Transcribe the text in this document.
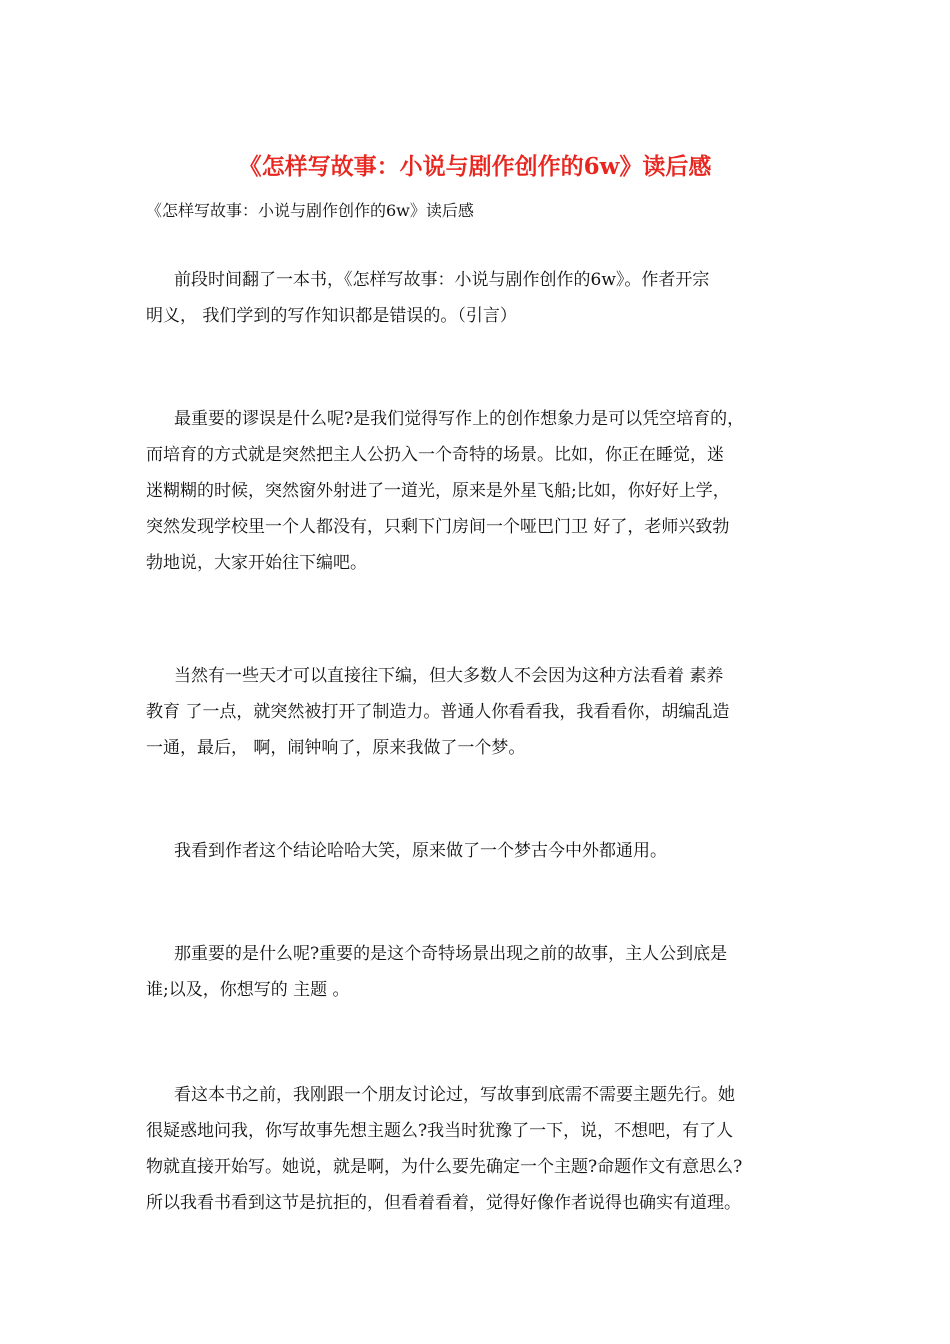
《怎样写故事：小说与剧作创作的6w》读后感
《怎样写故事：小说与剧作创作的6w》读后感
前段时间翻了一本书，《怎样写故事：小说与剧作创作的6w》。作者开宗
明义， 我们学到的写作知识都是错误的。（引言）
最重要的谬误是什么呢?是我们觉得写作上的创作想象力是可以凭空培育的，
而培育的方式就是突然把主人公扔入一个奇特的场景。比如，你正在睡觉，迷
迷糊糊的时候，突然窗外射进了一道光，原来是外星飞船;比如，你好好上学，
突然发现学校里一个人都没有，只剩下门房间一个哑巴门卫 好了，老师兴致勃
勃地说，大家开始往下编吧。
当然有一些天才可以直接往下编，但大多数人不会因为这种方法看着 素养
教育 了一点，就突然被打开了制造力。普通人你看看我，我看看你，胡编乱造
一通，最后， 啊，闹钟响了，原来我做了一个梦。
我看到作者这个结论哈哈大笑，原来做了一个梦古今中外都通用。
那重要的是什么呢?重要的是这个奇特场景出现之前的故事，主人公到底是
谁;以及，你想写的 主题 。
看这本书之前，我刚跟一个朋友讨论过，写故事到底需不需要主题先行。她
很疑惑地问我，你写故事先想主题么?我当时犹豫了一下，说，不想吧，有了人
物就直接开始写。她说，就是啊，为什么要先确定一个主题?命题作文有意思么?
所以我看书看到这节是抗拒的，但看着看着，觉得好像作者说得也确实有道理。
